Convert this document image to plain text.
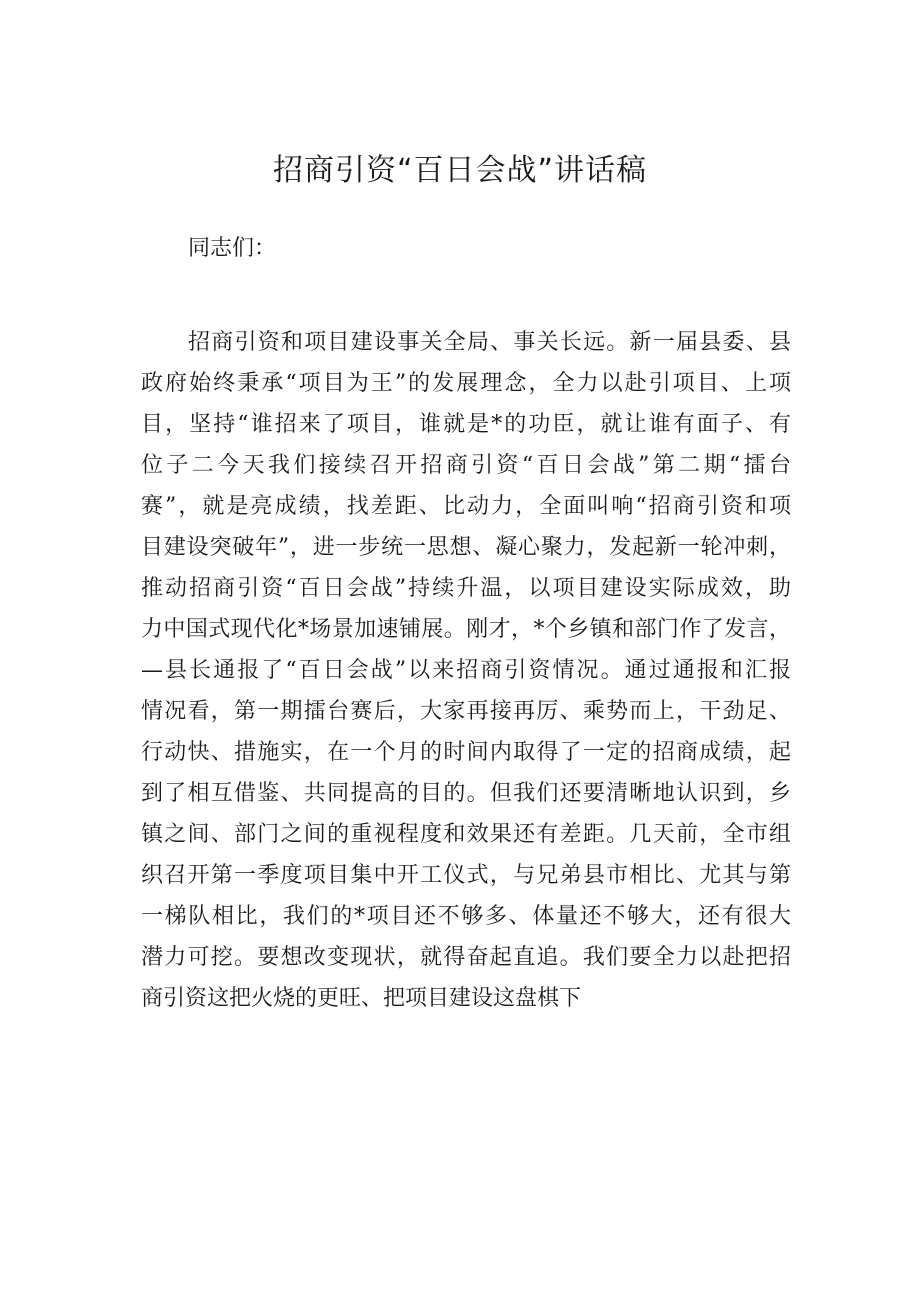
招商引资“百日会战”讲话稿

同志们：

招商引资和项目建设事关全局、事关长远。新一届县委、县
政府始终秉承“项目为王”的发展理念，全力以赴引项目、上项
目，坚持“谁招来了项目，谁就是*的功臣，就让谁有面子、有
位子二今天我们接续召开招商引资“百日会战”第二期“擂台
赛”，就是亮成绩，找差距、比动力，全面叫响“招商引资和项
目建设突破年”，进一步统一思想、凝心聚力，发起新一轮冲刺，
推动招商引资“百日会战”持续升温，以项目建设实际成效，助
力中国式现代化*场景加速铺展。刚才，*个乡镇和部门作了发言，
—县长通报了“百日会战”以来招商引资情况。通过通报和汇报
情况看，第一期擂台赛后，大家再接再厉、乘势而上，干劲足、
行动快、措施实，在一个月的时间内取得了一定的招商成绩，起
到了相互借鉴、共同提高的目的。但我们还要清晰地认识到，乡
镇之间、部门之间的重视程度和效果还有差距。几天前，全市组
织召开第一季度项目集中开工仪式，与兄弟县市相比、尤其与第
一梯队相比，我们的*项目还不够多、体量还不够大，还有很大
潜力可挖。要想改变现状，就得奋起直追。我们要全力以赴把招
商引资这把火烧的更旺、把项目建设这盘棋下
